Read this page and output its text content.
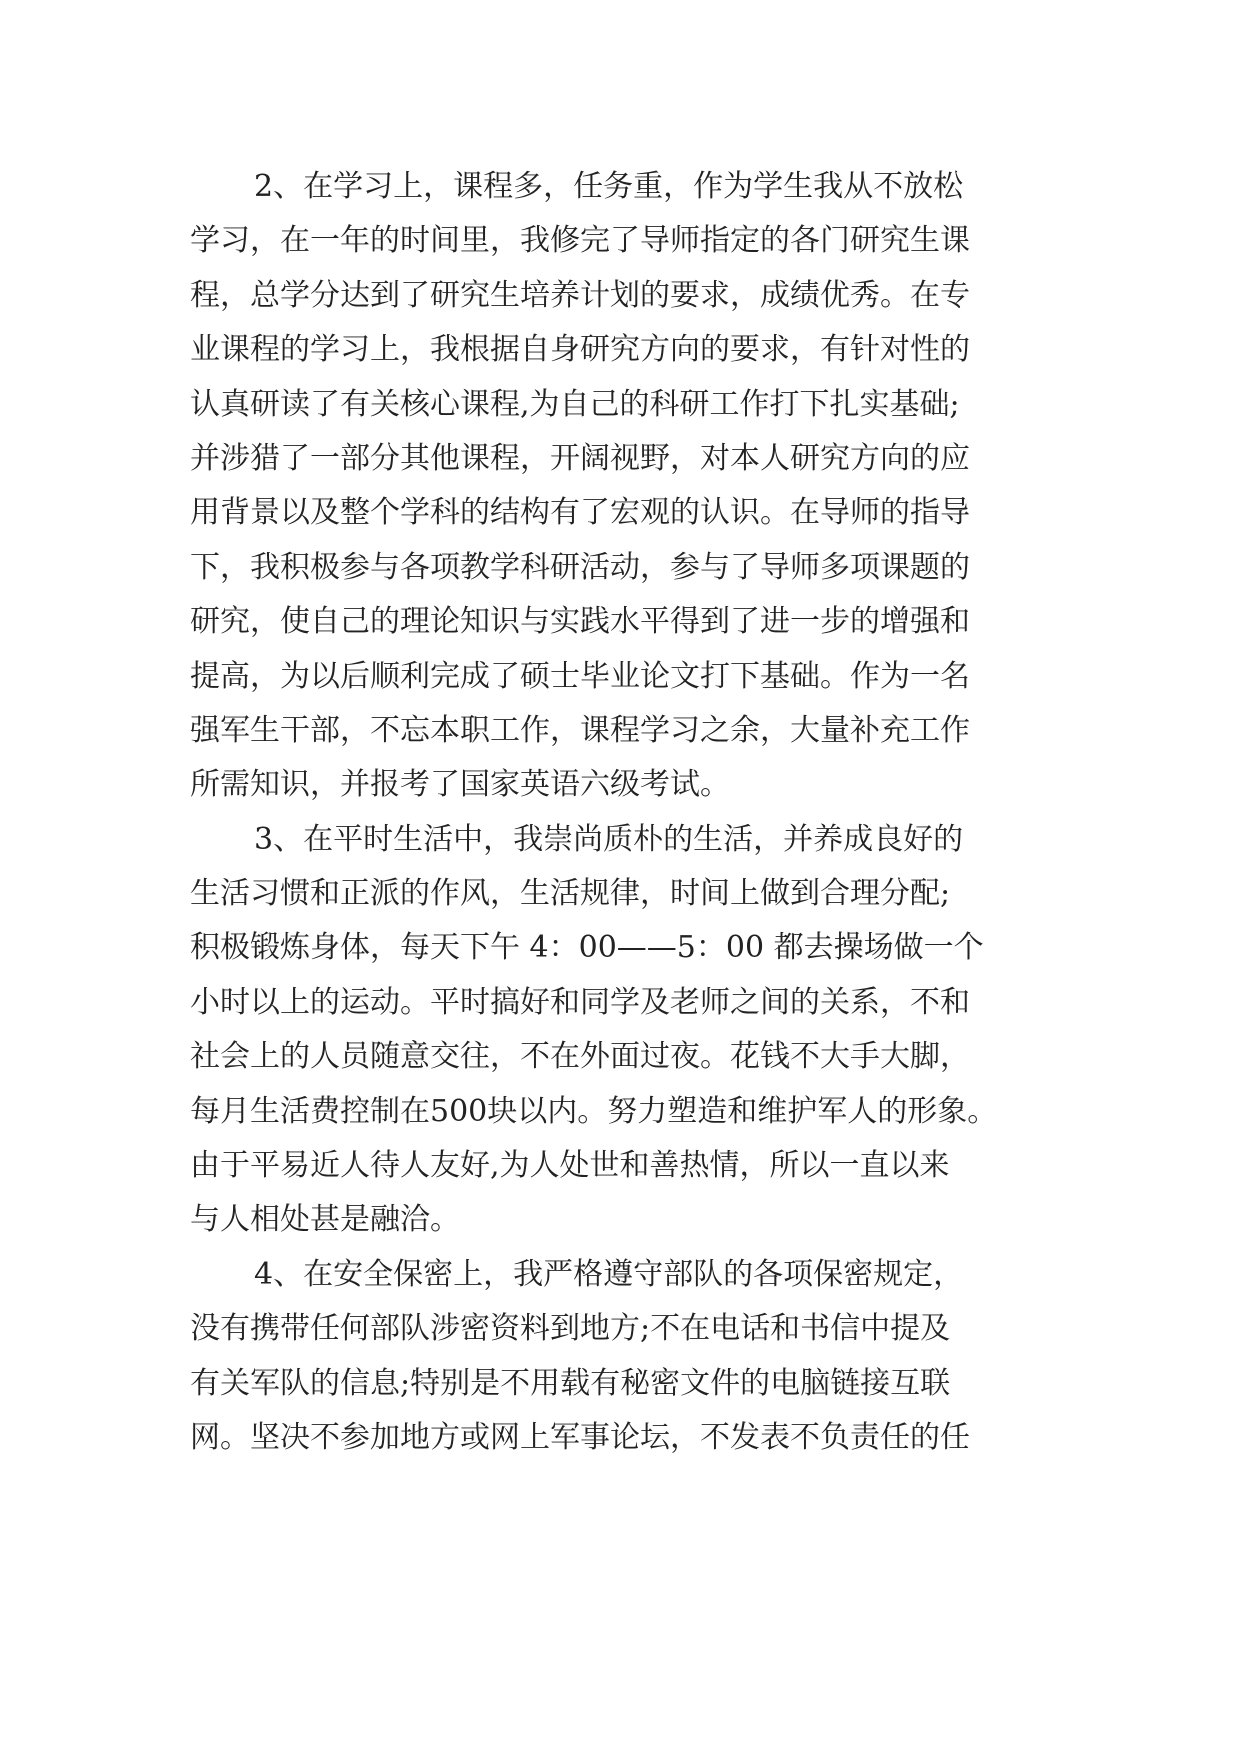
2、在学习上，课程多，任务重，作为学生我从不放松
学习，在一年的时间里，我修完了导师指定的各门研究生课
程，总学分达到了研究生培养计划的要求，成绩优秀。在专
业课程的学习上，我根据自身研究方向的要求，有针对性的
认真研读了有关核心课程,为自己的科研工作打下扎实基础;
并涉猎了一部分其他课程，开阔视野，对本人研究方向的应
用背景以及整个学科的结构有了宏观的认识。在导师的指导
下，我积极参与各项教学科研活动，参与了导师多项课题的
研究，使自己的理论知识与实践水平得到了进一步的增强和
提高，为以后顺利完成了硕士毕业论文打下基础。作为一名
强军生干部，不忘本职工作，课程学习之余，大量补充工作
所需知识，并报考了国家英语六级考试。
3、在平时生活中，我崇尚质朴的生活，并养成良好的
生活习惯和正派的作风，生活规律，时间上做到合理分配;
积极锻炼身体，每天下午 4：00——5：00 都去操场做一个
小时以上的运动。平时搞好和同学及老师之间的关系，不和
社会上的人员随意交往，不在外面过夜。花钱不大手大脚，
每月生活费控制在500块以内。努力塑造和维护军人的形象。
由于平易近人待人友好,为人处世和善热情，所以一直以来
与人相处甚是融洽。
4、在安全保密上，我严格遵守部队的各项保密规定，
没有携带任何部队涉密资料到地方;不在电话和书信中提及
有关军队的信息;特别是不用载有秘密文件的电脑链接互联
网。坚决不参加地方或网上军事论坛，不发表不负责任的任
